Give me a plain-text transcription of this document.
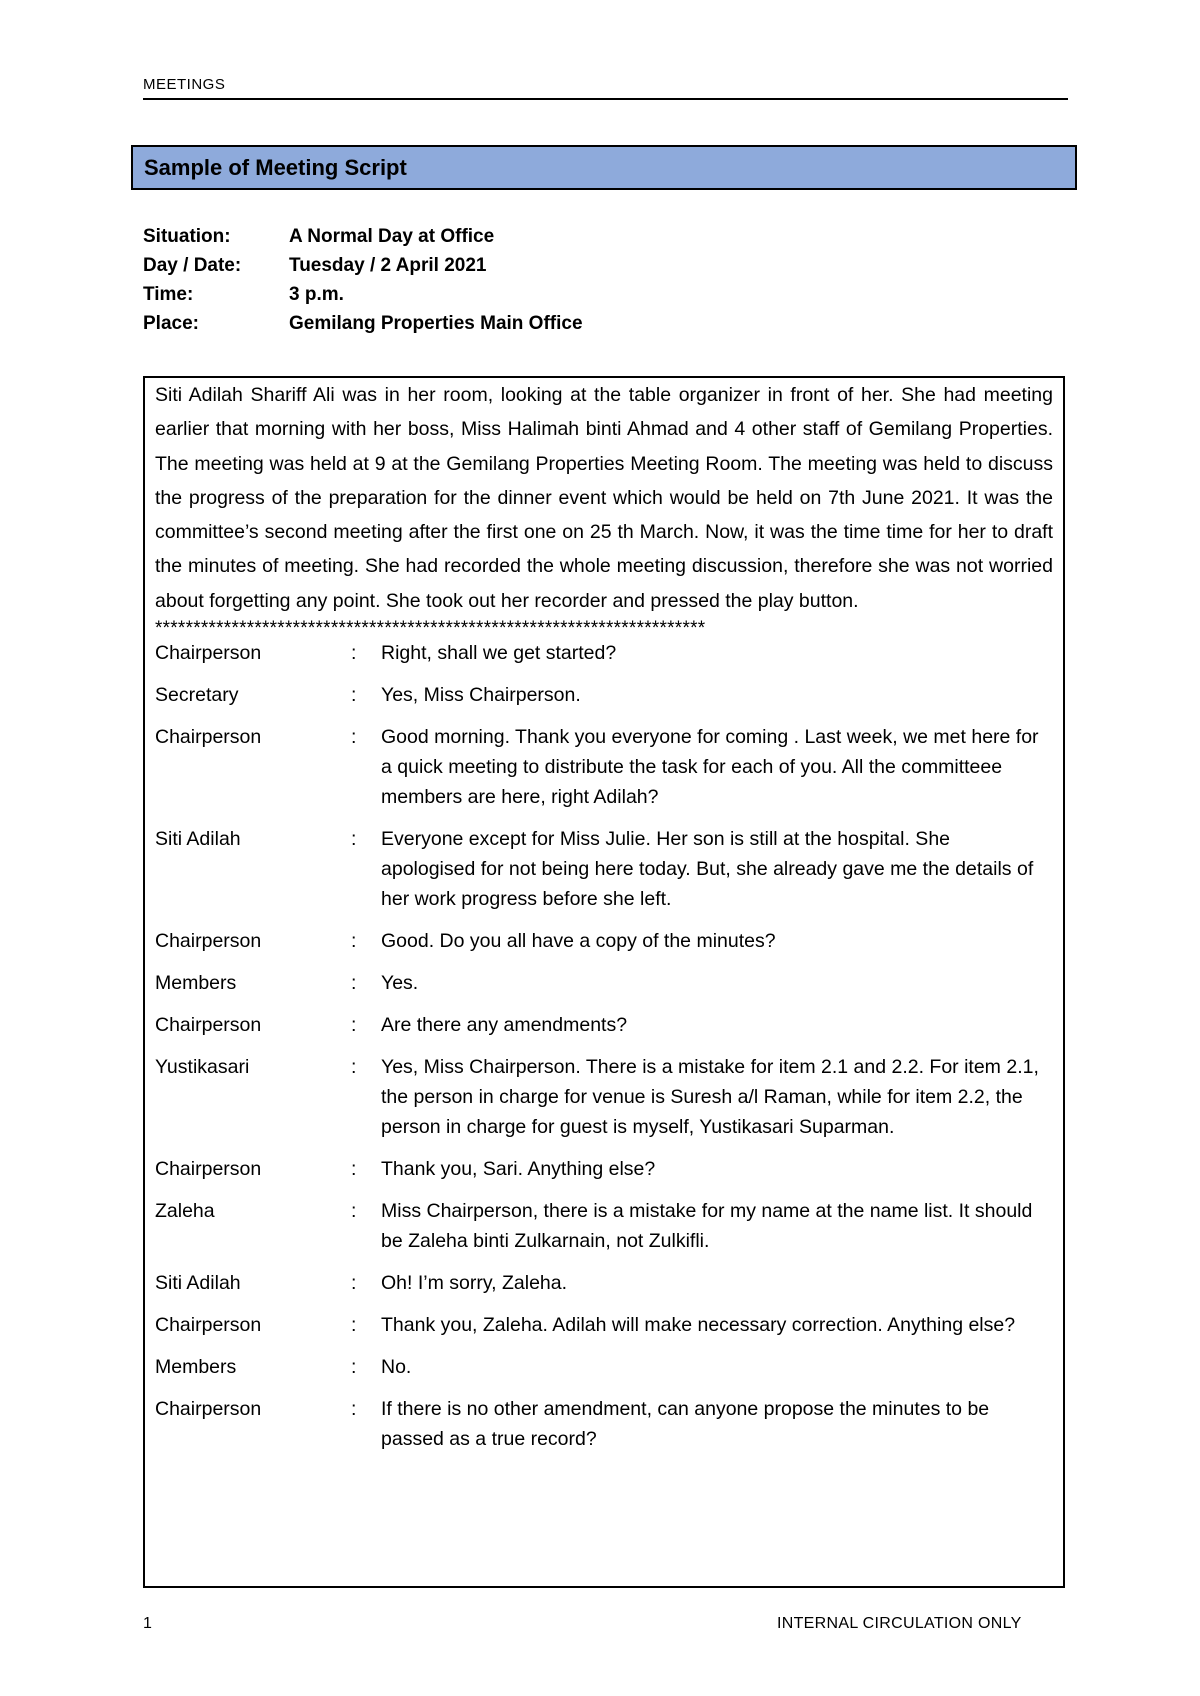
MEETINGS
Sample of Meeting Script
Situation:	A Normal Day at Office
Day / Date:	Tuesday / 2 April 2021
Time:	3 p.m.
Place:	Gemilang Properties Main Office

Siti Adilah Shariff Ali was in her room, looking at the table organizer in front of her. She had meeting earlier that morning with her boss, Miss Halimah binti Ahmad and 4 other staff of Gemilang Properties. The meeting was held at 9 at the Gemilang Properties Meeting Room. The meeting was held to discuss the progress of the preparation for the dinner event which would be held on 7th June 2021. It was the committee’s second meeting after the first one on 25 th March. Now, it was the time time for her to draft the minutes of meeting. She had recorded the whole meeting discussion, therefore she was not worried about forgetting any point. She took out her recorder and pressed the play button.

************************************************************************
Chairperson	:	Right, shall we get started?
Secretary	:	Yes, Miss Chairperson.
Chairperson	:	Good morning. Thank you everyone for coming . Last week, we met here for a quick meeting to distribute the task for each of you. All the committeee members are here, right Adilah?
Siti Adilah	:	Everyone except for Miss Julie. Her son is still at the hospital. She apologised for not being here today. But, she already gave me the details of her work progress before she left.
Chairperson	:	Good. Do you all have a copy of the minutes?
Members	:	Yes.
Chairperson	:	Are there any amendments?
Yustikasari	:	Yes, Miss Chairperson. There is a mistake for item 2.1 and 2.2. For item 2.1, the person in charge for venue is Suresh a/l Raman, while for item 2.2, the person in charge for guest is myself, Yustikasari Suparman.
Chairperson	:	Thank you, Sari. Anything else?
Zaleha	:	Miss Chairperson, there is a mistake for my name at the name list. It should be Zaleha binti Zulkarnain, not Zulkifli.
Siti Adilah	:	Oh! I’m sorry, Zaleha.
Chairperson	:	Thank you, Zaleha. Adilah will make necessary correction. Anything else?
Members	:	No.
Chairperson	:	If there is no other amendment, can anyone propose the minutes to be passed as a true record?
1	INTERNAL CIRCULATION ONLY
